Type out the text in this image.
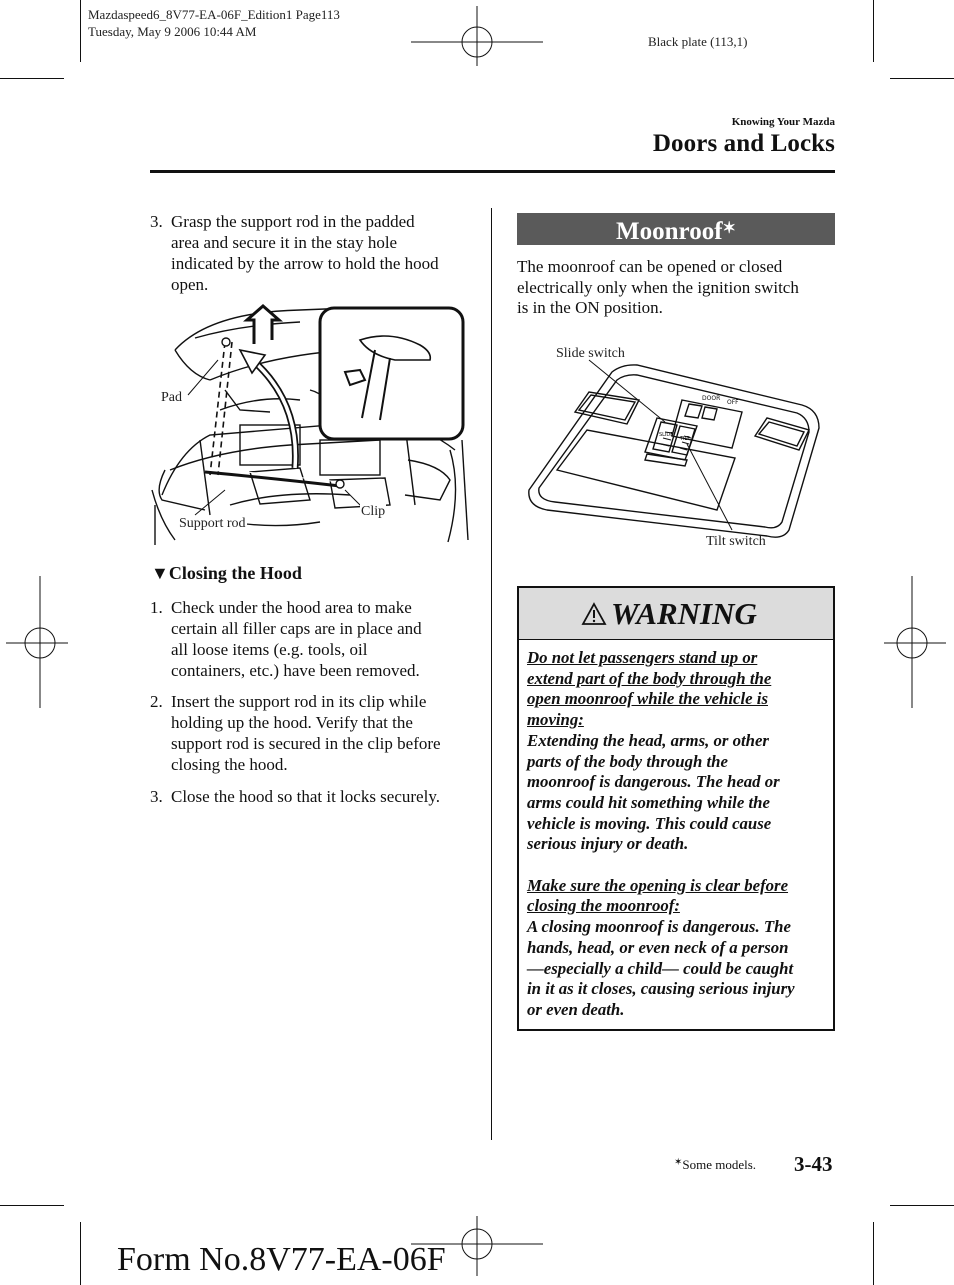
Mazdaspeed6_8V77-EA-06F_Edition1 Page113
Tuesday, May 9 2006 10:44 AM
Black plate (113,1)
Knowing Your Mazda
Doors and Locks
3. Grasp the support rod in the padded
area and secure it in the stay hole
indicated by the arrow to hold the hood
open.
Pad
Support rod
Clip
▼Closing the Hood
1. Check under the hood area to make
certain all filler caps are in place and
all loose items (e.g. tools, oil
containers, etc.) have been removed.
2. Insert the support rod in its clip while
holding up the hood. Verify that the
support rod is secured in the clip before
closing the hood.
3. Close the hood so that it locks securely.
Moonroof✶
The moonroof can be opened or closed
electrically only when the ignition switch
is in the ON position.
DOOR
OFF
SLIDE
TILT
Slide switch
Tilt switch
WARNING

Do not let passengers stand up or

extend part of the body through the

open moonroof while the vehicle is

moving:

Extending the head, arms, or other

parts of the body through the

moonroof is dangerous. The head or

arms could hit something while the

vehicle is moving. This could cause

serious injury or death.

Make sure the opening is clear before

closing the moonroof:

A closing moonroof is dangerous. The

hands, head, or even neck of a person

—especially a child— could be caught

in it as it closes, causing serious injury

or even death.

✶Some models. 3-43
Form No.8V77-EA-06F
